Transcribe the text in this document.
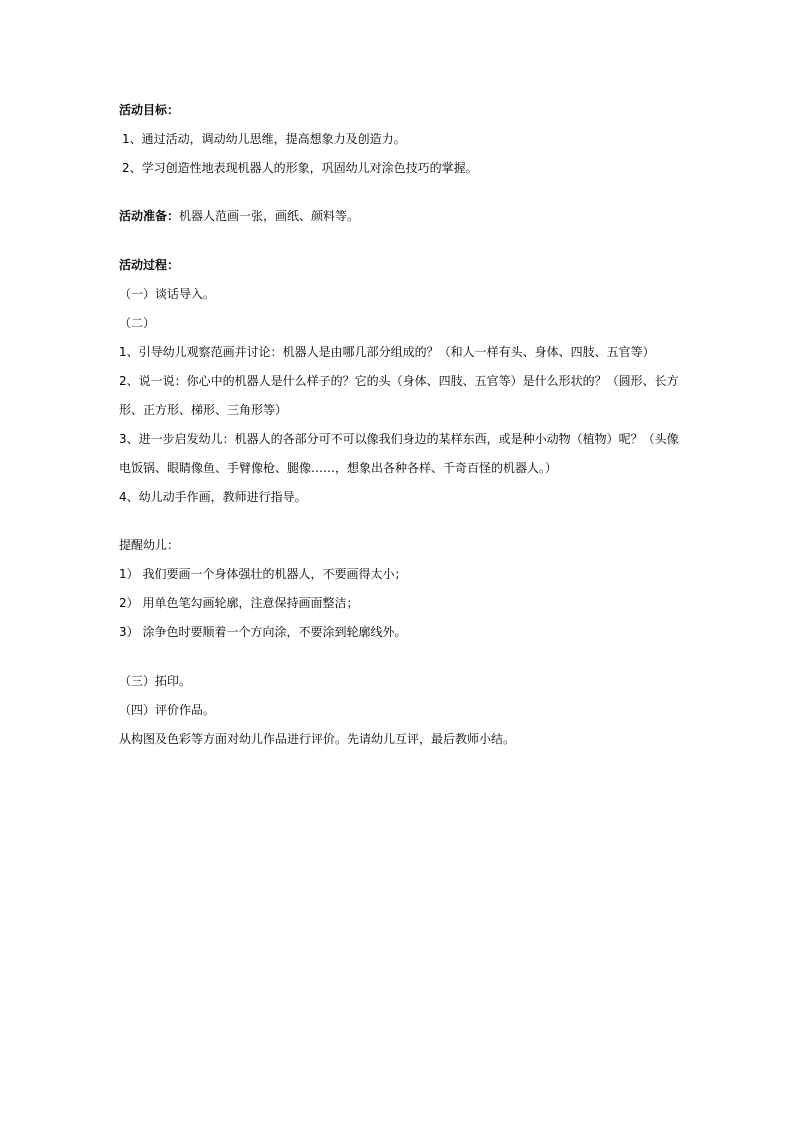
活动目标：
1、通过活动，调动幼儿思维，提高想象力及创造力。
2、学习创造性地表现机器人的形象，巩固幼儿对涂色技巧的掌握。
活动准备：机器人范画一张，画纸、颜料等。
活动过程：
（一）谈话导入。
（二）
1、引导幼儿观察范画并讨论：机器人是由哪几部分组成的？（和人一样有头、身体、四肢、五官等）
2、说一说：你心中的机器人是什么样子的？它的头（身体、四肢、五官等）是什么形状的？（圆形、长方
形、正方形、梯形、三角形等）
3、进一步启发幼儿：机器人的各部分可不可以像我们身边的某样东西，或是种小动物（植物）呢？（头像
电饭锅、眼睛像鱼、手臂像枪、腿像……，想象出各种各样、千奇百怪的机器人。）
4、幼儿动手作画，教师进行指导。
提醒幼儿：
1） 我们要画一个身体强壮的机器人，不要画得太小；
2） 用单色笔勾画轮廓，注意保持画面整洁；
3） 涂争色时要顺着一个方向涂，不要涂到轮廓线外。
（三）拓印。
（四）评价作品。
从构图及色彩等方面对幼儿作品进行评价。先请幼儿互评，最后教师小结。
